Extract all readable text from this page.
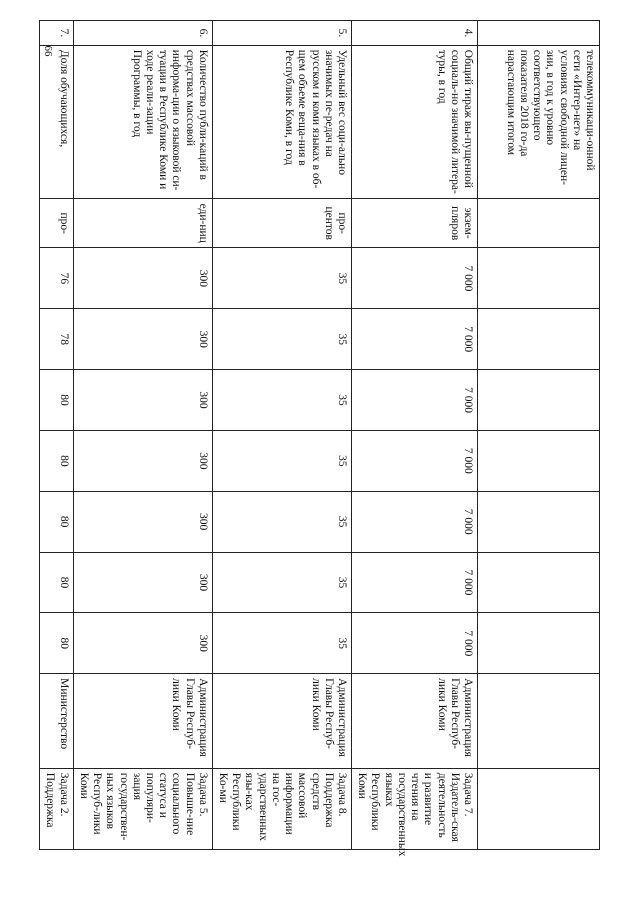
66
		телекоммуникаци-онной сети «Интер-нет» на условиях свободной лицен-зии, в год к уровню соответствующего показателя 2018 го-да нарастающим итогом										
4.	Общий тираж вы-пущенной социаль-но значимой литера-туры, в год	экзем-пляров	7 000	7 000	7 000	7 000	7 000	7 000	7 000	Администрация Главы Респуб-лики Коми	Задача 7. Издатель-ская деятельность и развитие чтения на государственных языках Республики Коми
5.	Удельный вес соци-ально значимых пе-редач на русском и коми языках в об-щем объеме веща-ния в Республике Коми, в год	про-центов	35	35	35	35	35	35	35	Администрация Главы Респуб-лики Коми	Задача 8. Поддержка средств массовой информации на гос-ударственных язы-ках Республики Ко-ми
6.	Количество публи-каций в средствах массовой информа-ции о языковой си-туации в Республике Коми и ходе реали-зации Программы, в год	еди-ниц	300	300	300	300	300	300	300	Администрация Главы Респуб-лики Коми	Задача 5. Повыше-ние социального статуса и популяри-зация государствен-ных языков Респуб-лики Коми
7.	Доля обучающихся,	про-	76	78	80	80	80	80	80	Министерство	Задача 2. Поддержка
